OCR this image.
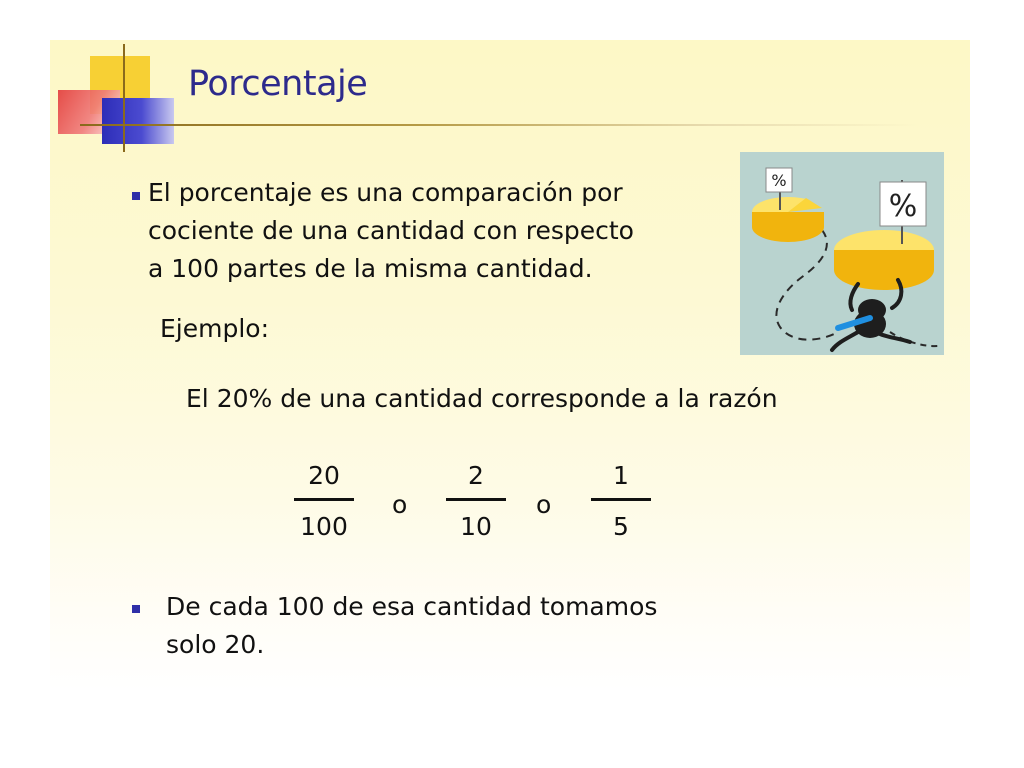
Porcentaje

El porcentaje es una comparación por
cociente de una cantidad con respecto
a 100 partes de la misma cantidad.

Ejemplo:

El 20% de una cantidad corresponde a la razón

20
100
o
2
10
o
1
5

De cada 100 de esa cantidad tomamos
solo 20.

%
%
